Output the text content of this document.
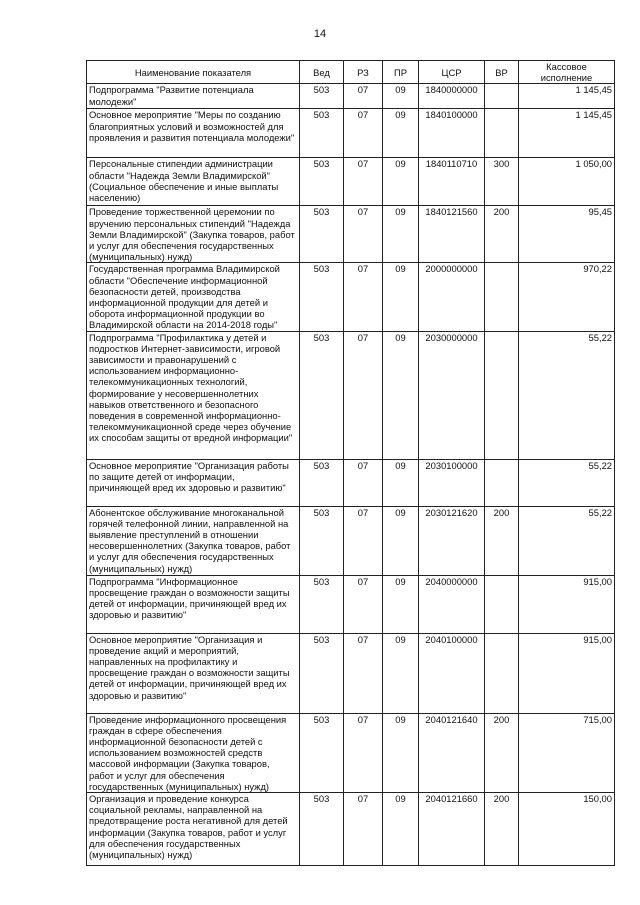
14
Наименование показателя	Вед	РЗ	ПР	ЦСР	ВР	Кассовое исполнение
Подпрограмма "Развитие потенциала молодежи"	503	07	09	1840000000		1 145,45
Основное мероприятие "Меры по созданию благоприятных условий и возможностей для проявления и развития потенциала молодежи"	503	07	09	1840100000		1 145,45
Персональные стипендии администрации области "Надежда Земли Владимирской" (Социальное обеспечение и иные выплаты населению)	503	07	09	1840110710	300	1 050,00
Проведение торжественной церемонии по вручению персональных стипендий "Надежда Земли Владимирской" (Закупка товаров, работ и услуг для обеспечения государственных (муниципальных) нужд)	503	07	09	1840121560	200	95,45
Государственная программа Владимирской области "Обеспечение информационной безопасности детей, производства информационной продукции для детей и оборота информационной продукции во Владимирской области на 2014-2018 годы"	503	07	09	2000000000		970,22
Подпрограмма "Профилактика у детей и подростков Интернет-зависимости, игровой зависимости и правонарушений с использованием информационно-телекоммуникационных технологий, формирование у несовершеннолетних навыков ответственного и безопасного поведения в современной информационно-телекоммуникационной среде через обучение их способам защиты от вредной информации"	503	07	09	2030000000		55,22
Основное мероприятие "Организация работы по защите детей от информации, причиняющей вред их здоровью и развитию"	503	07	09	2030100000		55,22
Абонентское обслуживание многоканальной горячей телефонной линии, направленной на выявление преступлений в отношении несовершеннолетних (Закупка товаров, работ и услуг для обеспечения государственных (муниципальных) нужд)	503	07	09	2030121620	200	55,22
Подпрограмма "Информационное просвещение граждан о возможности защиты детей от информации, причиняющей вред их здоровью и развитию"	503	07	09	2040000000		915,00
Основное мероприятие "Организация и проведение акций и мероприятий, направленных на профилактику и просвещение граждан о возможности защиты детей от информации, причиняющей вред их здоровью и развитию"	503	07	09	2040100000		915,00
Проведение информационного просвещения граждан в сфере обеспечения информационной безопасности детей с использованием возможностей средств массовой информации (Закупка товаров, работ и услуг для обеспечения государственных (муниципальных) нужд)	503	07	09	2040121640	200	715,00
Организация и проведение конкурса социальной рекламы, направленной на предотвращение роста негативной для детей информации (Закупка товаров, работ и услуг для обеспечения государственных (муниципальных) нужд)	503	07	09	2040121660	200	150,00
